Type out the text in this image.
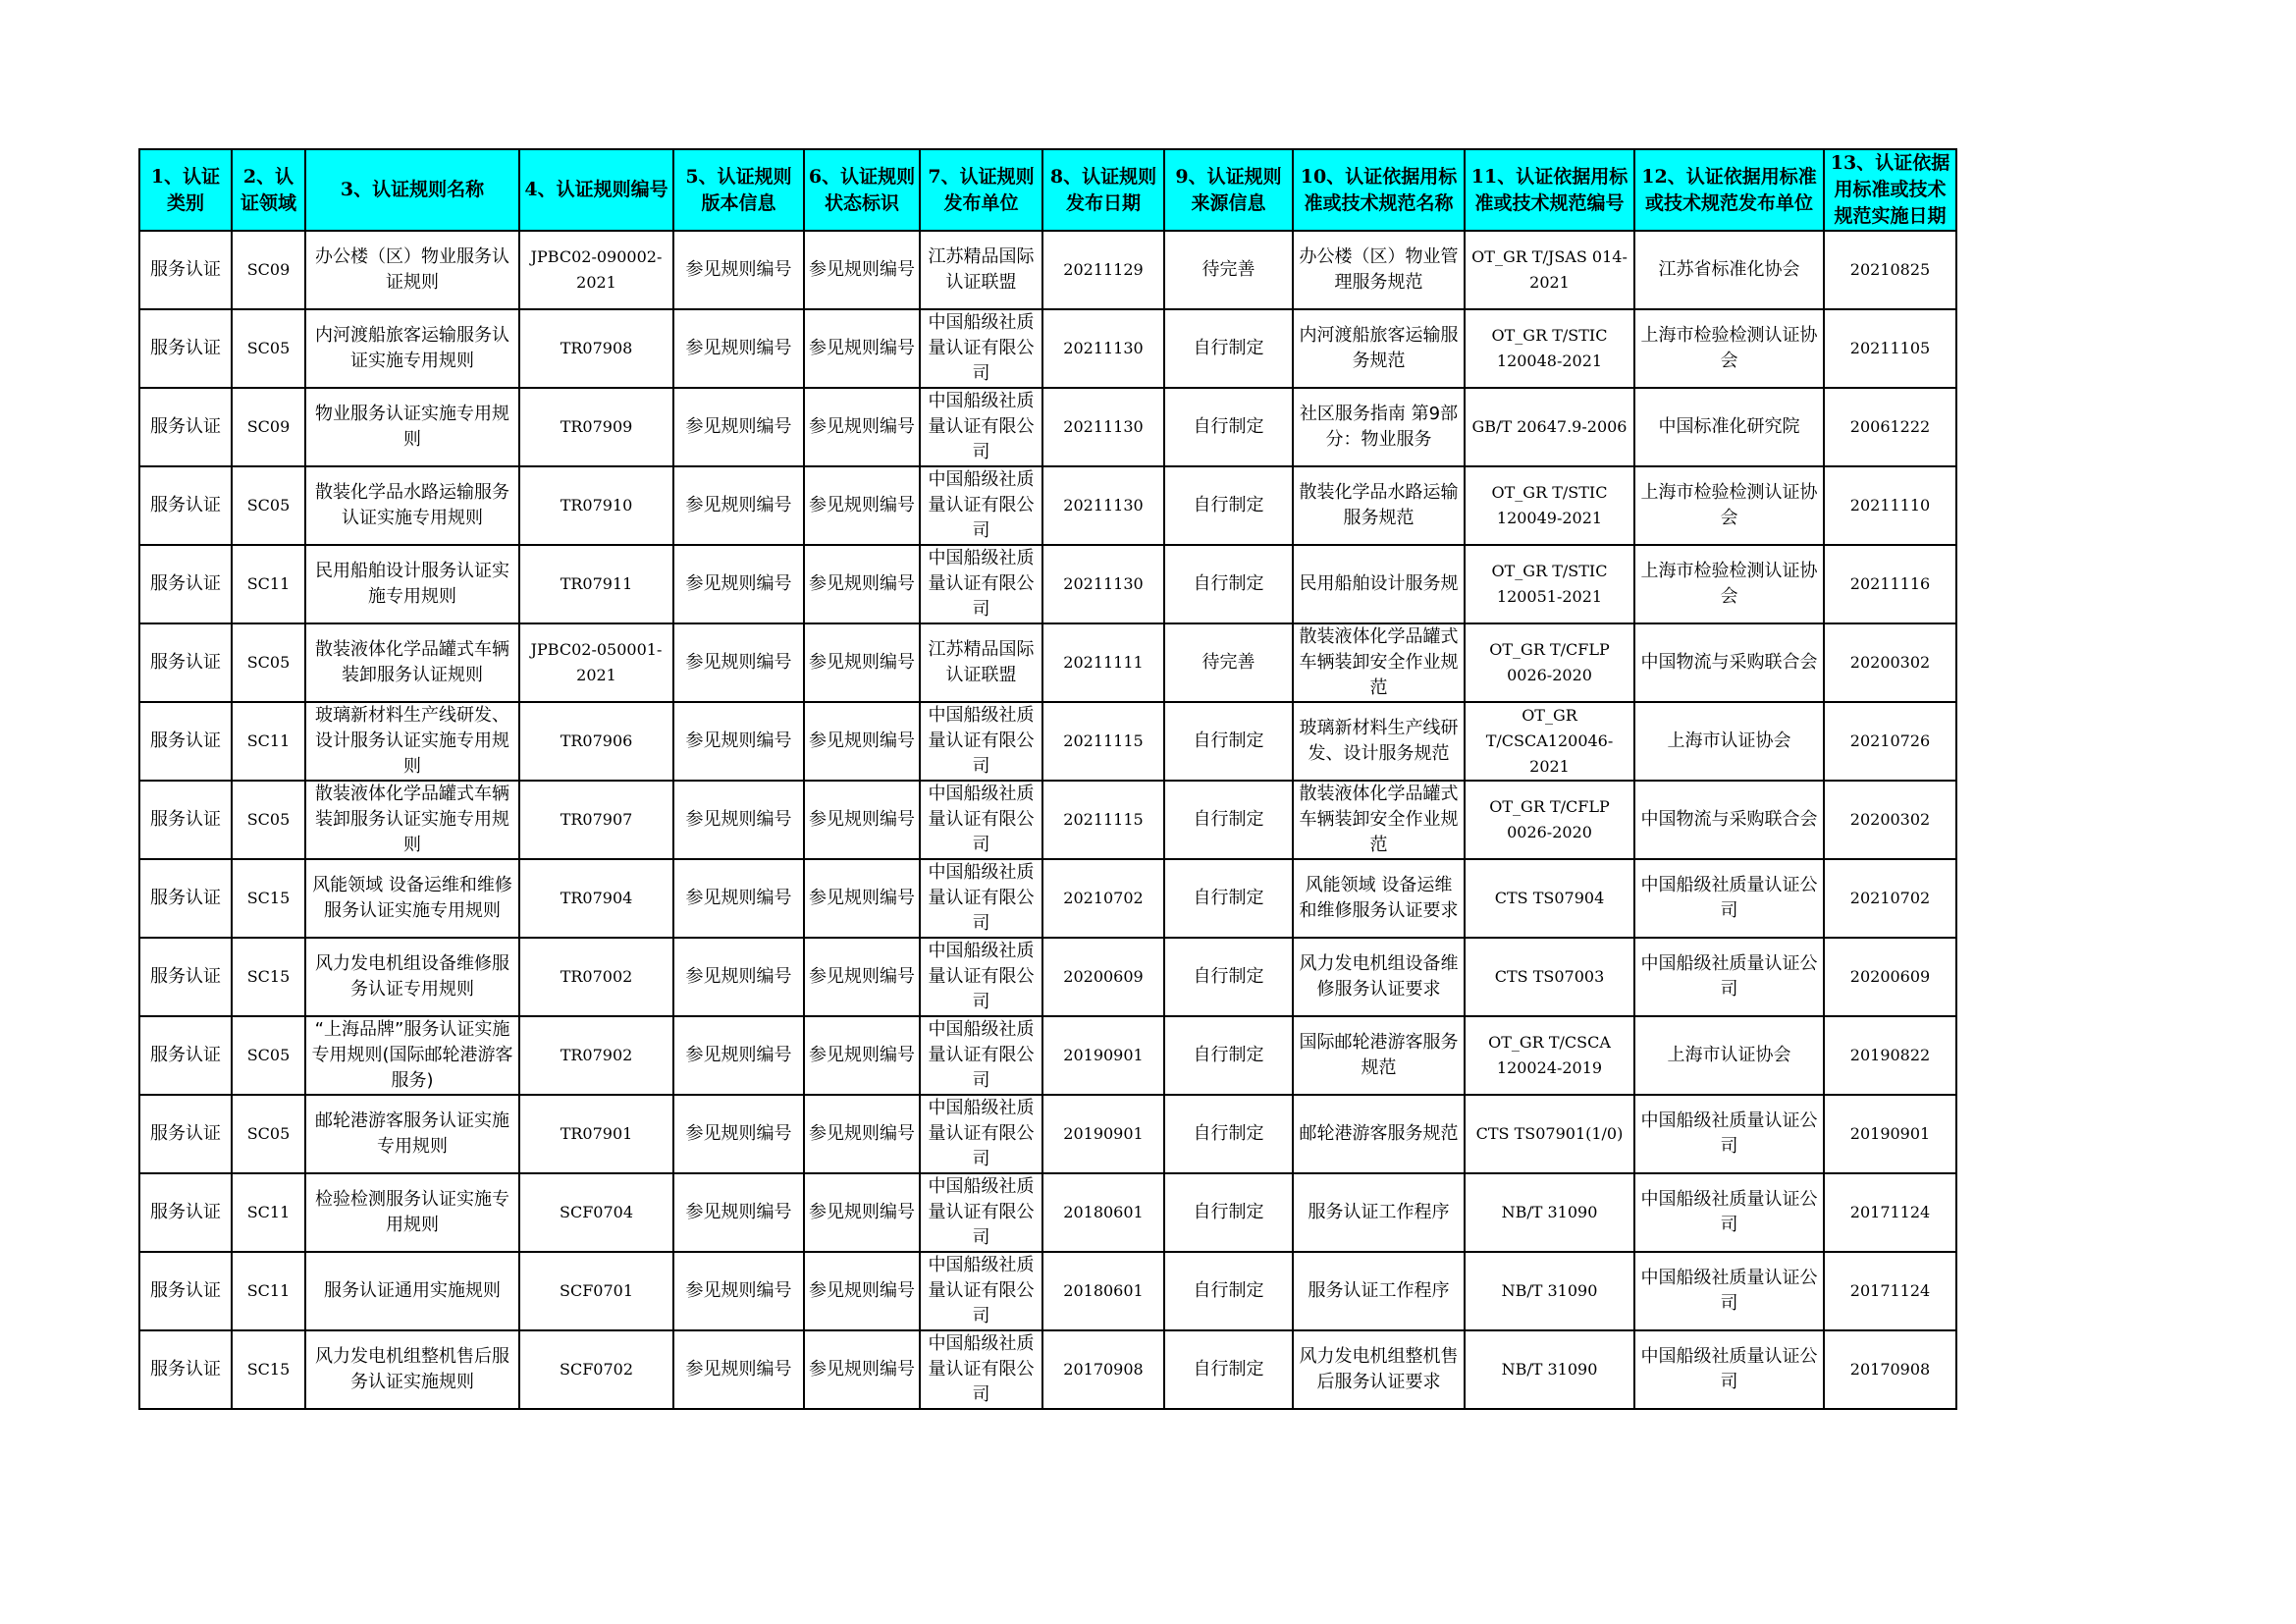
1、认证类别	2、认证领域	3、认证规则名称	4、认证规则编号	5、认证规则版本信息	6、认证规则状态标识	7、认证规则发布单位	8、认证规则发布日期	9、认证规则来源信息	10、认证依据用标准或技术规范名称	11、认证依据用标准或技术规范编号	12、认证依据用标准或技术规范发布单位	13、认证依据用标准或技术规范实施日期
服务认证	SC09	办公楼（区）物业服务认证规则	JPBC02-090002-2021	参见规则编号	参见规则编号	江苏精品国际认证联盟	20211129	待完善	办公楼（区）物业管理服务规范	OT_GR T/JSAS 014-2021	江苏省标准化协会	20210825
服务认证	SC05	内河渡船旅客运输服务认证实施专用规则	TR07908	参见规则编号	参见规则编号	中国船级社质量认证有限公司	20211130	自行制定	内河渡船旅客运输服务规范	OT_GR T/STIC 120048-2021	上海市检验检测认证协会	20211105
服务认证	SC09	物业服务认证实施专用规则	TR07909	参见规则编号	参见规则编号	中国船级社质量认证有限公司	20211130	自行制定	社区服务指南 第9部分：物业服务	GB/T 20647.9-2006	中国标准化研究院	20061222
服务认证	SC05	散装化学品水路运输服务认证实施专用规则	TR07910	参见规则编号	参见规则编号	中国船级社质量认证有限公司	20211130	自行制定	散装化学品水路运输服务规范	OT_GR T/STIC 120049-2021	上海市检验检测认证协会	20211110
服务认证	SC11	民用船舶设计服务认证实施专用规则	TR07911	参见规则编号	参见规则编号	中国船级社质量认证有限公司	20211130	自行制定	民用船舶设计服务规	OT_GR T/STIC 120051-2021	上海市检验检测认证协会	20211116
服务认证	SC05	散装液体化学品罐式车辆装卸服务认证规则	JPBC02-050001-2021	参见规则编号	参见规则编号	江苏精品国际认证联盟	20211111	待完善	散装液体化学品罐式车辆装卸安全作业规范	OT_GR T/CFLP 0026-2020	中国物流与采购联合会	20200302
服务认证	SC11	玻璃新材料生产线研发、设计服务认证实施专用规则	TR07906	参见规则编号	参见规则编号	中国船级社质量认证有限公司	20211115	自行制定	玻璃新材料生产线研发、设计服务规范	OT_GR T/CSCA120046-2021	上海市认证协会	20210726
服务认证	SC05	散装液体化学品罐式车辆装卸服务认证实施专用规则	TR07907	参见规则编号	参见规则编号	中国船级社质量认证有限公司	20211115	自行制定	散装液体化学品罐式车辆装卸安全作业规范	OT_GR T/CFLP 0026-2020	中国物流与采购联合会	20200302
服务认证	SC15	风能领域 设备运维和维修服务认证实施专用规则	TR07904	参见规则编号	参见规则编号	中国船级社质量认证有限公司	20210702	自行制定	风能领域 设备运维和维修服务认证要求	CTS TS07904	中国船级社质量认证公司	20210702
服务认证	SC15	风力发电机组设备维修服务认证专用规则	TR07002	参见规则编号	参见规则编号	中国船级社质量认证有限公司	20200609	自行制定	风力发电机组设备维修服务认证要求	CTS TS07003	中国船级社质量认证公司	20200609
服务认证	SC05	“上海品牌”服务认证实施专用规则(国际邮轮港游客服务)	TR07902	参见规则编号	参见规则编号	中国船级社质量认证有限公司	20190901	自行制定	国际邮轮港游客服务规范	OT_GR T/CSCA 120024-2019	上海市认证协会	20190822
服务认证	SC05	邮轮港游客服务认证实施专用规则	TR07901	参见规则编号	参见规则编号	中国船级社质量认证有限公司	20190901	自行制定	邮轮港游客服务规范	CTS TS07901(1/0)	中国船级社质量认证公司	20190901
服务认证	SC11	检验检测服务认证实施专用规则	SCF0704	参见规则编号	参见规则编号	中国船级社质量认证有限公司	20180601	自行制定	服务认证工作程序	NB/T 31090	中国船级社质量认证公司	20171124
服务认证	SC11	服务认证通用实施规则	SCF0701	参见规则编号	参见规则编号	中国船级社质量认证有限公司	20180601	自行制定	服务认证工作程序	NB/T 31090	中国船级社质量认证公司	20171124
服务认证	SC15	风力发电机组整机售后服务认证实施规则	SCF0702	参见规则编号	参见规则编号	中国船级社质量认证有限公司	20170908	自行制定	风力发电机组整机售后服务认证要求	NB/T 31090	中国船级社质量认证公司	20170908
